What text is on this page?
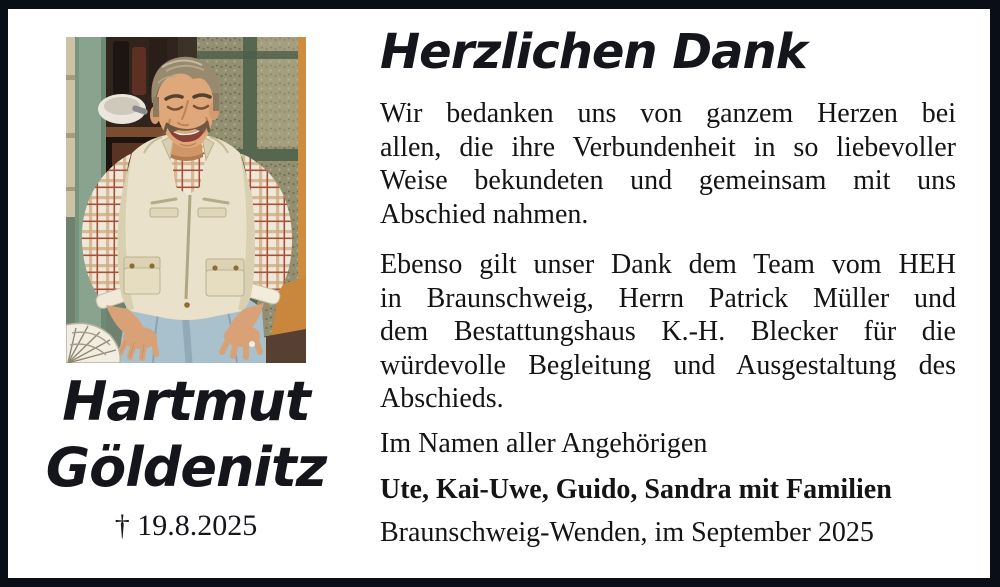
Hartmut
Göldenitz
† 19.8.2025
Herzlichen Dank
Wir bedanken uns von ganzem Herzen bei
allen, die ihre Verbundenheit in so liebevoller
Weise bekundeten und gemeinsam mit uns
Abschied nahmen.
Ebenso gilt unser Dank dem Team vom HEH
in Braunschweig, Herrn Patrick Müller und
dem Bestattungshaus K.-H. Blecker für die
würdevolle Begleitung und Ausgestaltung des
Abschieds.
Im Namen aller Angehörigen
Ute, Kai-Uwe, Guido, Sandra mit Familien
Braunschweig-Wenden, im September 2025
